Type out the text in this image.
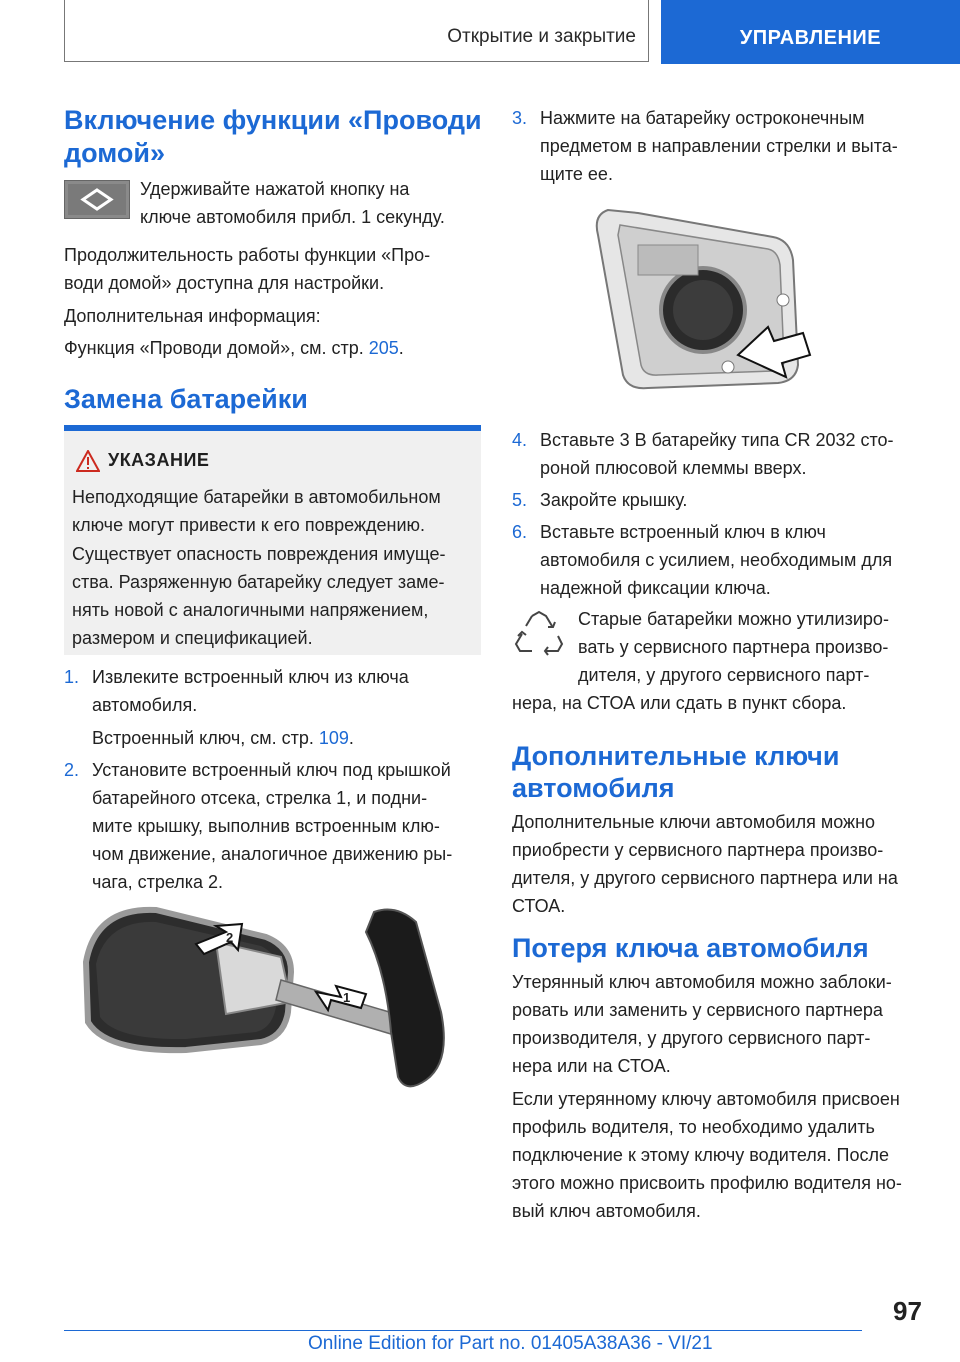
Открытие и закрытие	УПРАВЛЕНИЕ
Включение функции «Проводи домой»
Удерживайте нажатой кнопку на
ключе автомобиля прибл. 1 секунду.
Продолжительность работы функции «Про-
води домой» доступна для настройки.
Дополнительная информация:
Функция «Проводи домой», см. стр. 205.
Замена батарейки
УКАЗАНИЕ
Неподходящие батарейки в автомобильном
ключе могут привести к его повреждению.
Существует опасность повреждения имуще-
ства. Разряженную батарейку следует заме-
нять новой с аналогичными напряжением,
размером и спецификацией.
1. Извлеките встроенный ключ из ключа
автомобиля.
Встроенный ключ, см. стр. 109.
2. Установите встроенный ключ под крышкой
батарейного отсека, стрелка 1, и подни-
мите крышку, выполнив встроенным клю-
чом движение, аналогичное движению ры-
чага, стрелка 2.
2
1
3. Нажмите на батарейку остроконечным
предметом в направлении стрелки и выта-
щите ее.
4. Вставьте 3 В батарейку типа CR 2032 сто-
роной плюсовой клеммы вверх.
5. Закройте крышку.
6. Вставьте встроенный ключ в ключ
автомобиля с усилием, необходимым для
надежной фиксации ключа.
Старые батарейки можно утилизиро-
вать у сервисного партнера произво-
дителя, у другого сервисного парт-
нера, на СТОА или сдать в пункт сбора.
Дополнительные ключи
автомобиля
Дополнительные ключи автомобиля можно
приобрести у сервисного партнера произво-
дителя, у другого сервисного партнера или на
СТОА.
Потеря ключа автомобиля
Утерянный ключ автомобиля можно заблоки-
ровать или заменить у сервисного партнера
производителя, у другого сервисного парт-
нера или на СТОА.
Если утерянному ключу автомобиля присвоен
профиль водителя, то необходимо удалить
подключение к этому ключу водителя. После
этого можно присвоить профилю водителя но-
вый ключ автомобиля.
97
Online Edition for Part no. 01405A38A36 - VI/21
